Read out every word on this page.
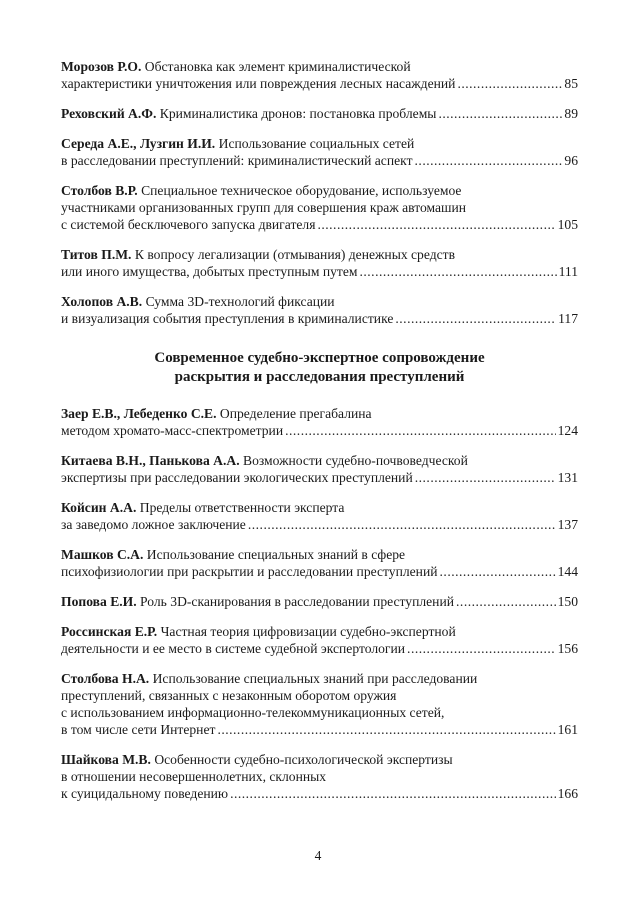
Морозов Р.О. Обстановка как элемент криминалистической
характеристики уничтожения или повреждения лесных насаждений .....	85
Реховский А.Ф. Криминалистика дронов: постановка проблемы .....	89
Середа А.Е., Лузгин И.И. Использование социальных сетей
в расследовании преступлений: криминалистический аспект .....	96
Столбов В.Р. Специальное техническое оборудование, используемое
участниками организованных групп для совершения краж автомашин
с системой бесключевого запуска двигателя .....	105
Титов П.М. К вопросу легализации (отмывания) денежных средств
или иного имущества, добытых преступным путем .....	111
Холопов А.В. Сумма 3D-технологий фиксации
и визуализация события преступления в криминалистике .....	117
Современное судебно-экспертное сопровождение
раскрытия и расследования преступлений
Заер Е.В., Лебеденко С.Е. Определение прегабалина
методом хромато-масс-спектрометрии .....	124
Китаева В.Н., Панькова А.А. Возможности судебно-почвоведческой
экспертизы при расследовании экологических преступлений .....	131
Койсин А.А. Пределы ответственности эксперта
за заведомо ложное заключение .....	137
Машков С.А. Использование специальных знаний в сфере
психофизиологии при раскрытии и расследовании преступлений .....	144
Попова Е.И. Роль 3D-сканирования в расследовании преступлений .....	150
Россинская Е.Р. Частная теория цифровизации судебно-экспертной
деятельности и ее место в системе судебной экспертологии .....	156
Столбова Н.А. Использование специальных знаний при расследовании
преступлений, связанных с незаконным оборотом оружия
с использованием информационно-телекоммуникационных сетей,
в том числе сети Интернет .....	161
Шайкова М.В. Особенности судебно-психологической экспертизы
в отношении несовершеннолетних, склонных
к суицидальному поведению .....	166
4
